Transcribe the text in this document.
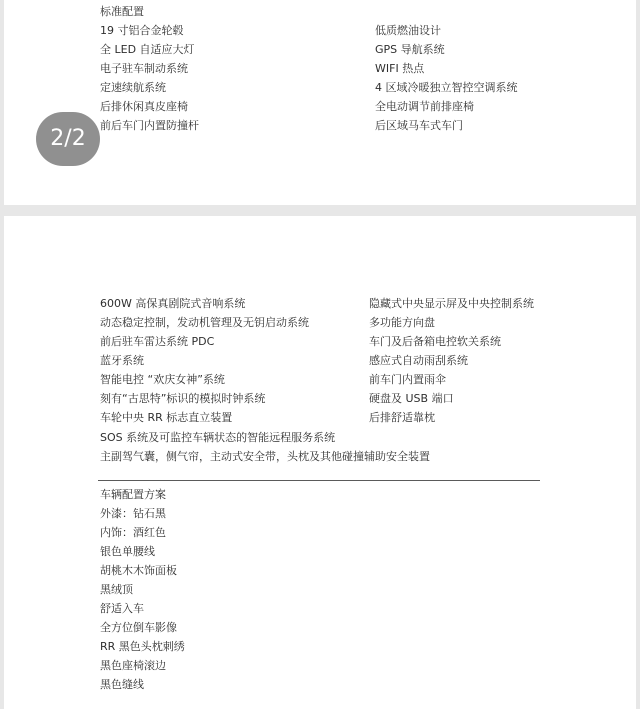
标准配置
19 寸铝合金轮毂
全 LED 自适应大灯
电子驻车制动系统
定速续航系统
后排休闲真皮座椅
前后车门内置防撞杆
低质燃油设计
GPS 导航系统
WIFI 热点
4 区域冷暖独立智控空调系统
全电动调节前排座椅
后区域马车式车门
2/2
600W 高保真剧院式音响系统
动态稳定控制，发动机管理及无钥启动系统
前后驻车雷达系统 PDC
蓝牙系统
智能电控 “欢庆女神”系统
刻有“古思特”标识的模拟时钟系统
车轮中央 RR 标志直立装置
隐藏式中央显示屏及中央控制系统
多功能方向盘
车门及后备箱电控软关系统
感应式自动雨刮系统
前车门内置雨伞
硬盘及 USB 端口
后排舒适靠枕
SOS 系统及可监控车辆状态的智能远程服务系统
主副驾气囊，侧气帘，主动式安全带，头枕及其他碰撞辅助安全装置
车辆配置方案
外漆：钻石黑
内饰：酒红色
银色单腰线
胡桃木木饰面板
黑绒顶
舒适入车
全方位倒车影像
RR 黑色头枕刺绣
黑色座椅滚边
黑色缝线
